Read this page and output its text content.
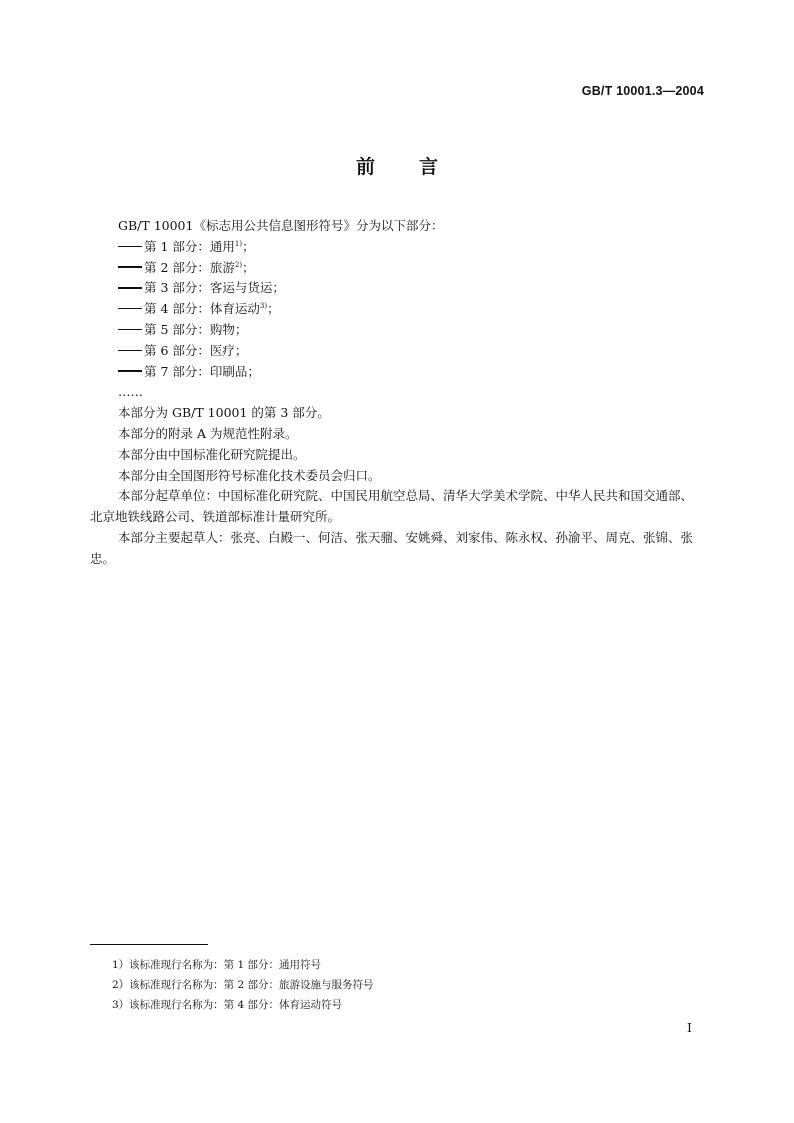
GB/T 10001.3—2004
前 言

GB/T 10001《标志用公共信息图形符号》分为以下部分：

第 1 部分：通用$^{1)}$；

第 2 部分：旅游$^{2)}$；

第 3 部分：客运与货运；

第 4 部分：体育运动$^{3)}$；

第 5 部分：购物；

第 6 部分：医疗；

第 7 部分：印刷品；

……

本部分为 GB/T 10001 的第 3 部分。

本部分的附录 A 为规范性附录。

本部分由中国标准化研究院提出。

本部分由全国图形符号标准化技术委员会归口。

本部分起草单位：中国标准化研究院、中国民用航空总局、清华大学美术学院、中华人民共和国交通部、北京地铁线路公司、铁道部标准计量研究所。

本部分主要起草人：张亮、白殿一、何洁、张天骝、安姚舜、刘家伟、陈永权、孙渝平、周克、张锦、张忠。

1）该标准现行名称为：第 1 部分：通用符号

2）该标准现行名称为：第 2 部分：旅游设施与服务符号

3）该标准现行名称为：第 4 部分：体育运动符号

I
